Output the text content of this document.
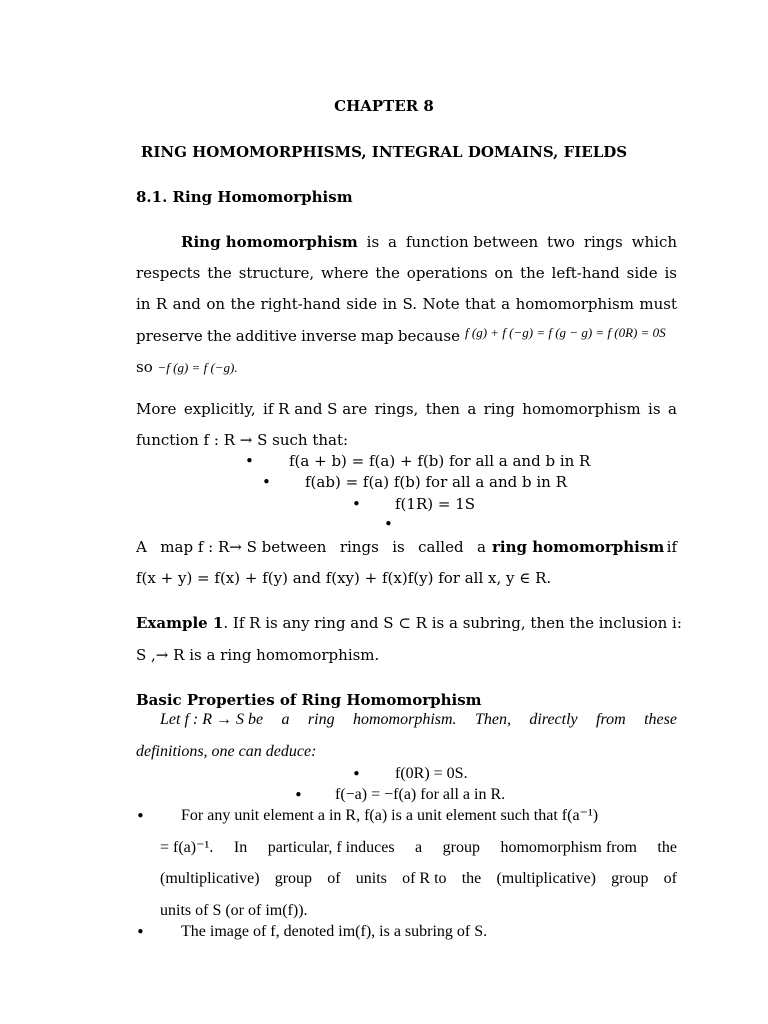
CHAPTER 8
RING HOMOMORPHISMS, INTEGRAL DOMAINS, FIELDS
8.1. Ring Homomorphism
Ring homomorphism is a function between two rings which
respects the structure, where the operations on the left-hand side is
in R and on the right-hand side in S. Note that a homomorphism must
preserve the additive inverse map because f (g) + f (−g) = f (g − g) = f (0R) = 0S
so −f (g) = f (−g).
More explicitly, if R and S are rings, then a ring homomorphism is a
function f : R → S such that:
• f(a + b) = f(a) + f(b) for all a and b in R
• f(ab) = f(a) f(b) for all a and b in R
• f(1R) = 1S
•
A map f : R→ S between rings is called a ring homomorphism if
f(x + y) = f(x) + f(y) and f(xy) + f(x)f(y) for all x, y ∈ R.
Example 1. If R is any ring and S ⊂ R is a subring, then the inclusion i:
S ,→ R is a ring homomorphism.
Basic Properties of Ring Homomorphism
Let f : R → S be a ring homomorphism. Then, directly from these
definitions, one can deduce:
• f(0R) = 0S.
• f(−a) = −f(a) for all a in R.
• For any unit element a in R, f(a) is a unit element such that f(a⁻¹)
= f(a)⁻¹. In particular, f induces a group homomorphism from the
(multiplicative) group of units of R to the (multiplicative) group of
units of S (or of im(f)).
• The image of f, denoted im(f), is a subring of S.
